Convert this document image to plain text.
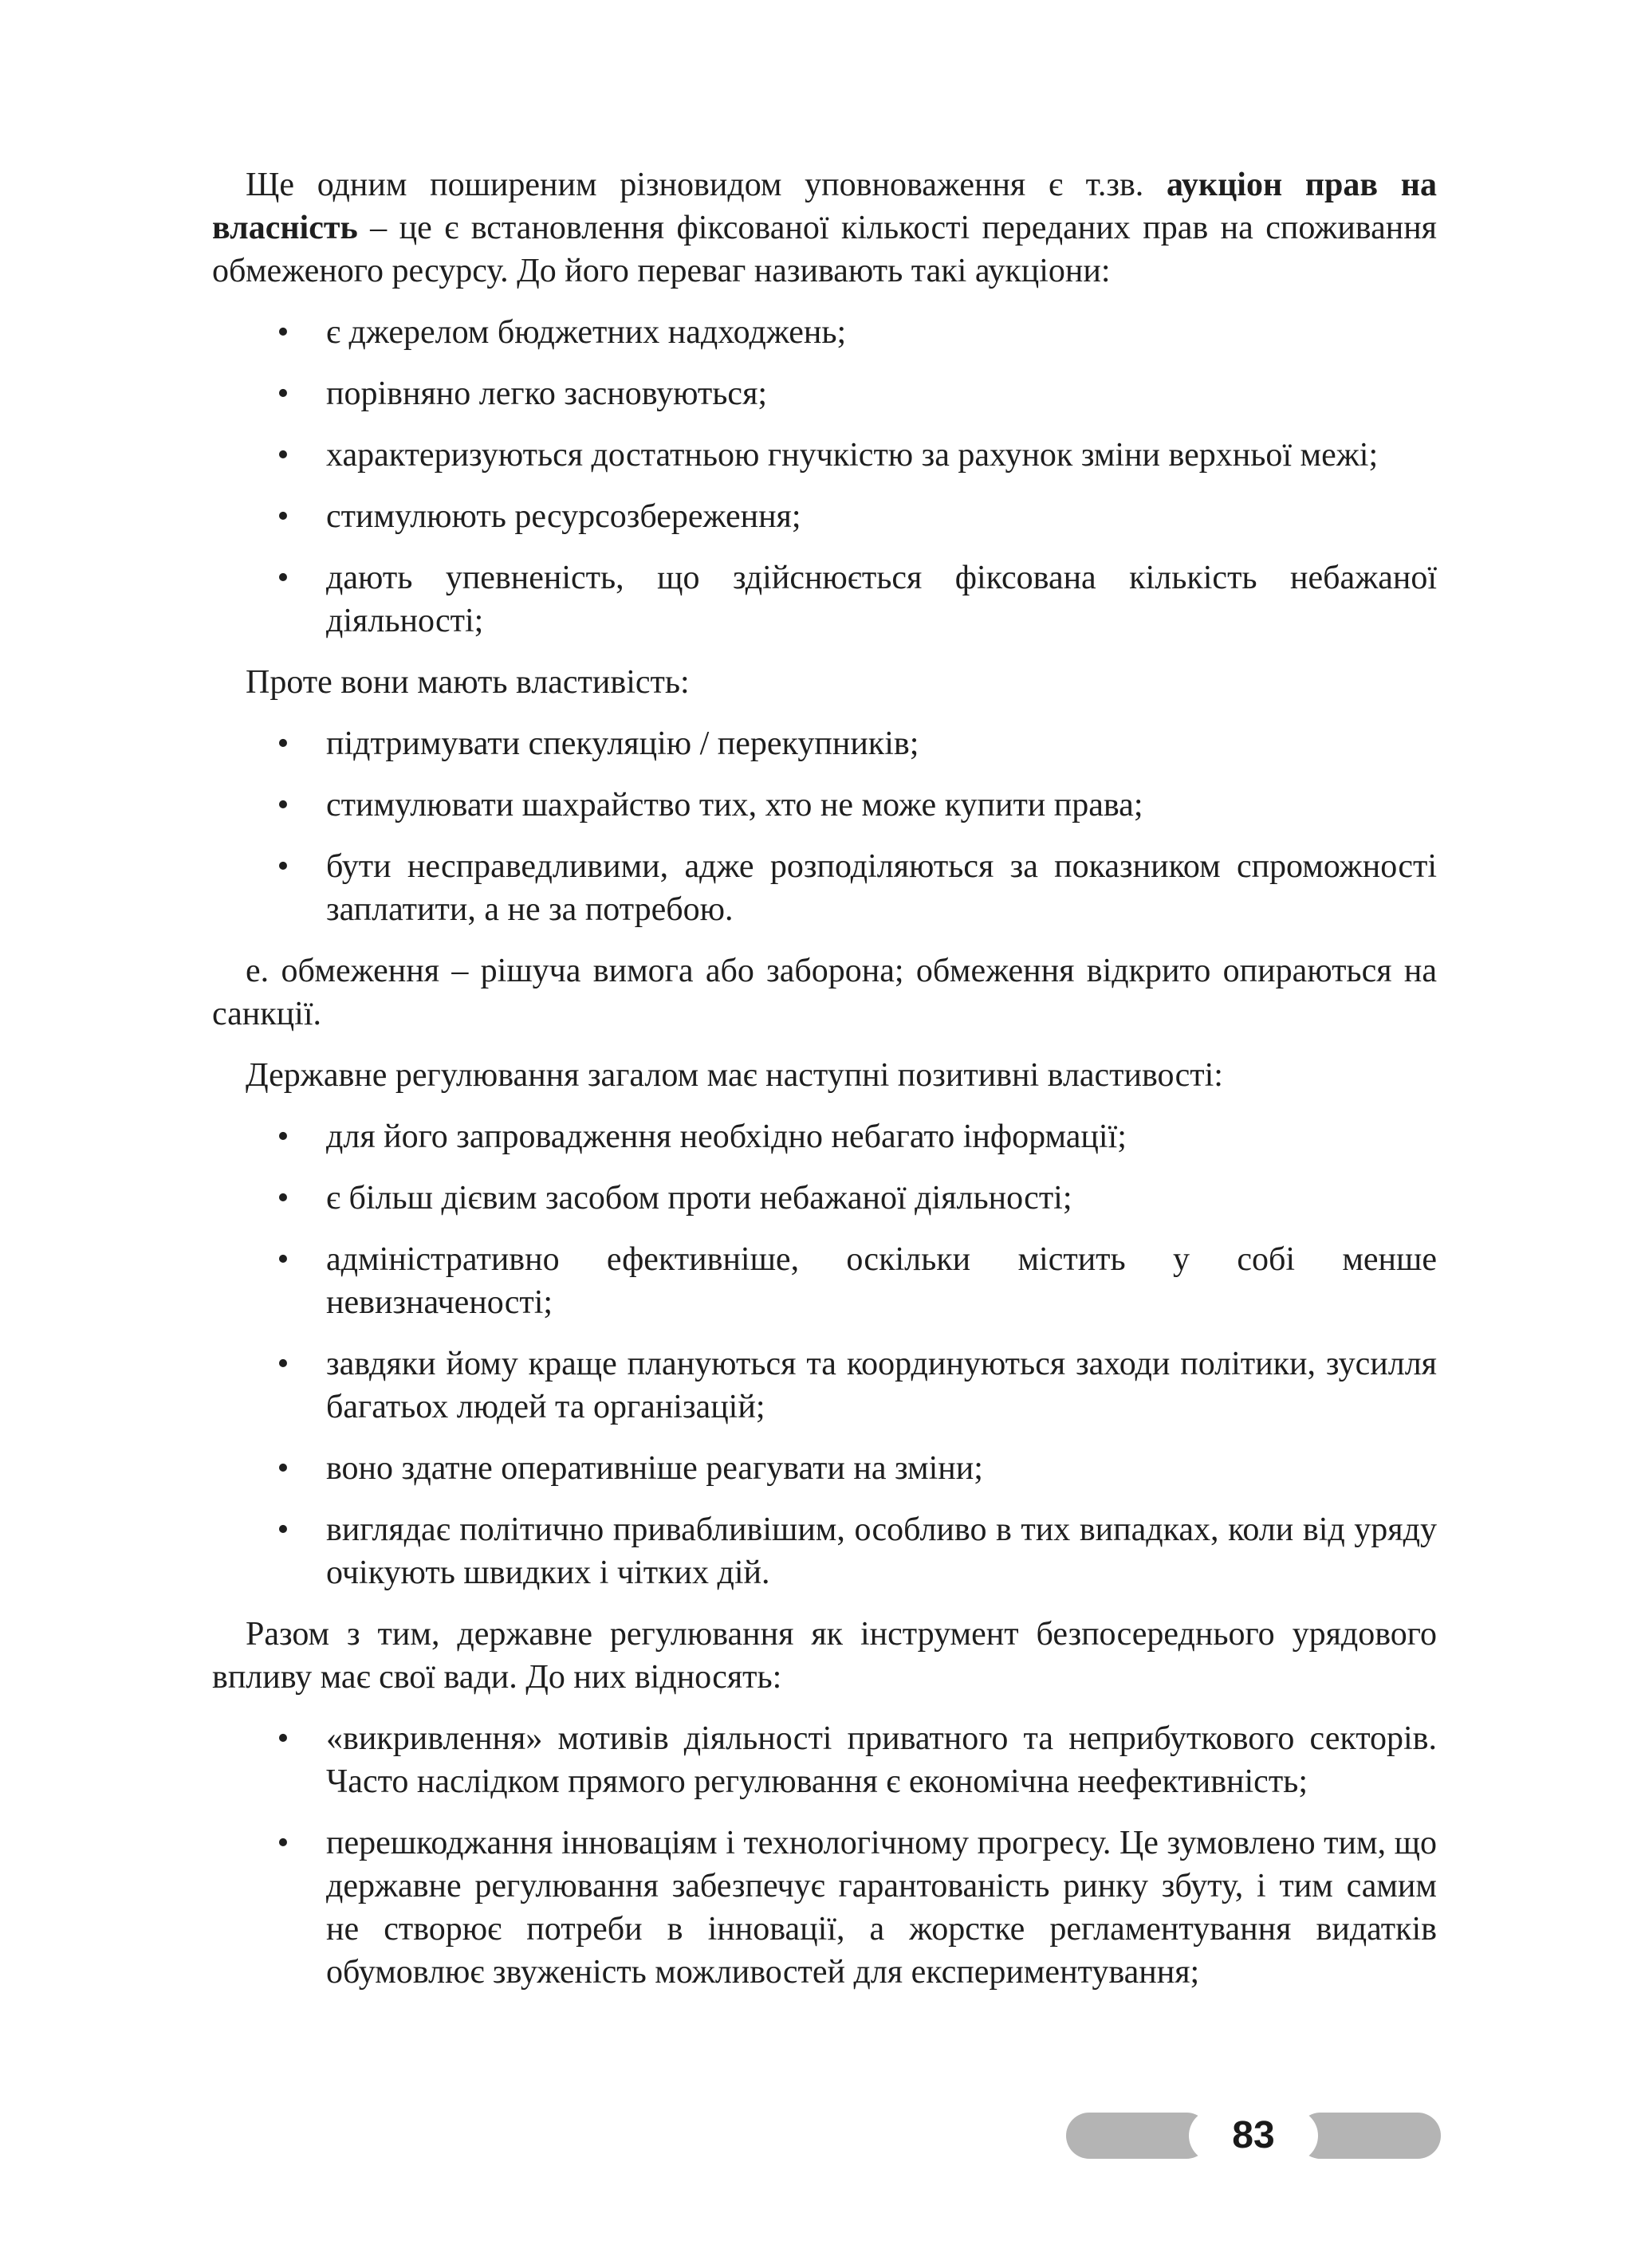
Ще одним поширеним різновидом уповноваження є т.зв. аукціон прав на власність – це є встановлення фіксованої кількості переданих прав на споживання обмеженого ресурсу. До його переваг називають такі аукціони:

• є джерелом бюджетних надходжень;
• порівняно легко засновуються;
• характеризуються достатньою гнучкістю за рахунок зміни верхньої межі;
• стимулюють ресурсозбереження;
• дають упевненість, що здійснюється фіксована кількість небажаної діяльності;

Проте вони мають властивість:

• підтримувати спекуляцію / перекупників;
• стимулювати шахрайство тих, хто не може купити права;
• бути несправедливими, адже розподіляються за показником спроможності заплатити, а не за потребою.

е. обмеження – рішуча вимога або заборона; обмеження відкрито опираються на санкції.

Державне регулювання загалом має наступні позитивні властивості:

• для його запровадження необхідно небагато інформації;
• є більш дієвим засобом проти небажаної діяльності;
• адміністративно ефективніше, оскільки містить у собі менше невизначеності;
• завдяки йому краще плануються та координуються заходи політики, зусилля багатьох людей та організацій;
• воно здатне оперативніше реагувати на зміни;
• виглядає політично привабливішим, особливо в тих випадках, коли від уряду очікують швидких і чітких дій.

Разом з тим, державне регулювання як інструмент безпосереднього урядового впливу має свої вади. До них відносять:

• «викривлення» мотивів діяльності приватного та неприбуткового секторів. Часто наслідком прямого регулювання є економічна неефективність;
• перешкоджання інноваціям і технологічному прогресу. Це зумовлено тим, що державне регулювання забезпечує гарантованість ринку збуту, і тим самим не створює потреби в інновації, а жорстке регламентування видатків обумовлює звуженість можливостей для експериментування;
83
